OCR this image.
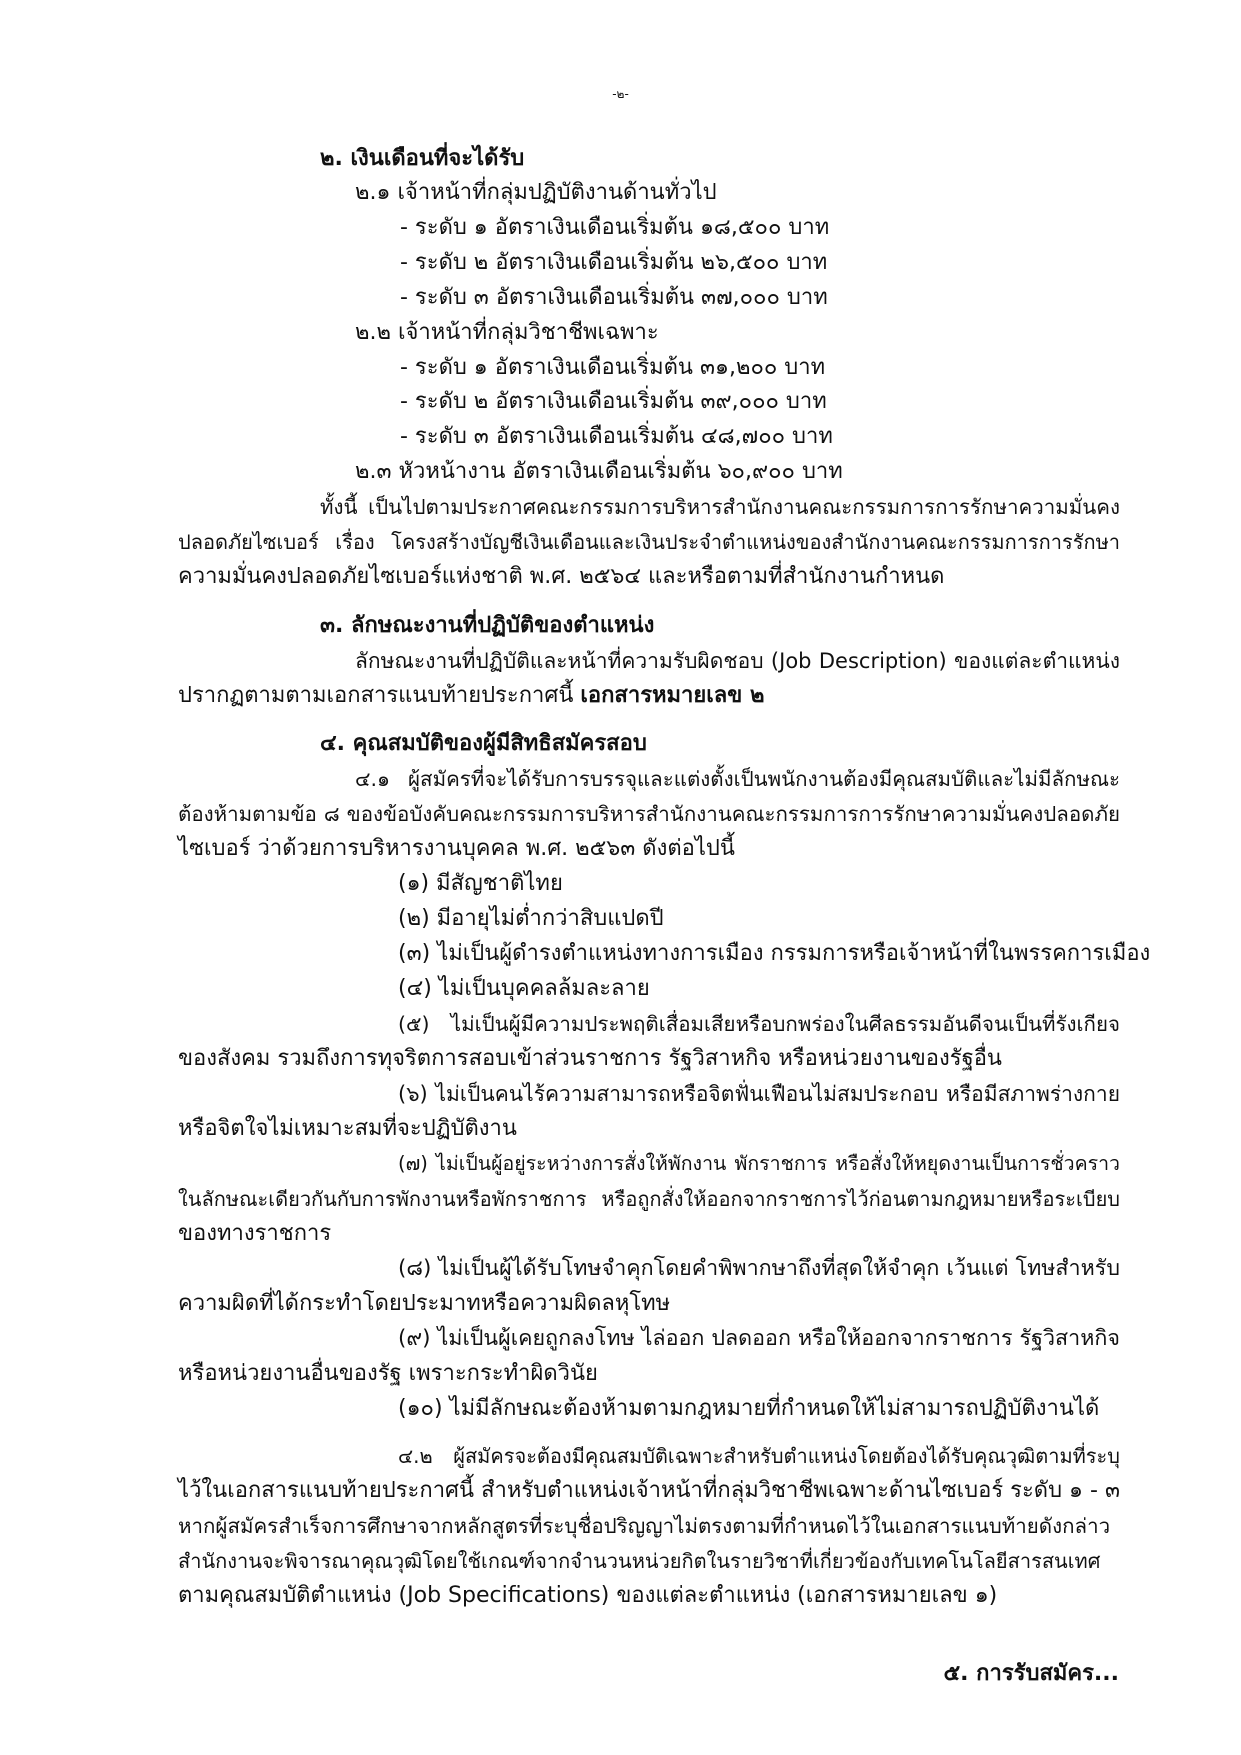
-๒-
๒. เงินเดือนที่จะได้รับ
๒.๑ เจ้าหน้าที่กลุ่มปฏิบัติงานด้านทั่วไป
- ระดับ ๑ อัตราเงินเดือนเริ่มต้น ๑๘,๕๐๐ บาท
- ระดับ ๒ อัตราเงินเดือนเริ่มต้น ๒๖,๕๐๐ บาท
- ระดับ ๓ อัตราเงินเดือนเริ่มต้น ๓๗,๐๐๐ บาท
๒.๒ เจ้าหน้าที่กลุ่มวิชาชีพเฉพาะ
- ระดับ ๑ อัตราเงินเดือนเริ่มต้น ๓๑,๒๐๐ บาท
- ระดับ ๒ อัตราเงินเดือนเริ่มต้น ๓๙,๐๐๐ บาท
- ระดับ ๓ อัตราเงินเดือนเริ่มต้น ๔๘,๗๐๐ บาท
๒.๓ หัวหน้างาน อัตราเงินเดือนเริ่มต้น ๖๐,๙๐๐ บาท
ทั้งนี้ เป็นไปตามประกาศคณะกรรมการบริหารสำนักงานคณะกรรมการการรักษาความมั่นคง
ปลอดภัยไซเบอร์ เรื่อง โครงสร้างบัญชีเงินเดือนและเงินประจำตำแหน่งของสำนักงานคณะกรรมการการรักษา
ความมั่นคงปลอดภัยไซเบอร์แห่งชาติ พ.ศ. ๒๕๖๔ และหรือตามที่สำนักงานกำหนด
๓. ลักษณะงานที่ปฏิบัติของตำแหน่ง
ลักษณะงานที่ปฏิบัติและหน้าที่ความรับผิดชอบ (Job Description) ของแต่ละตำแหน่ง
ปรากฏตามตามเอกสารแนบท้ายประกาศนี้ เอกสารหมายเลข ๒
๔. คุณสมบัติของผู้มีสิทธิสมัครสอบ
๔.๑ ผู้สมัครที่จะได้รับการบรรจุและแต่งตั้งเป็นพนักงานต้องมีคุณสมบัติและไม่มีลักษณะ
ต้องห้ามตามข้อ ๘ ของข้อบังคับคณะกรรมการบริหารสำนักงานคณะกรรมการการรักษาความมั่นคงปลอดภัย
ไซเบอร์ ว่าด้วยการบริหารงานบุคคล พ.ศ. ๒๕๖๓ ดังต่อไปนี้
(๑) มีสัญชาติไทย
(๒) มีอายุไม่ต่ำกว่าสิบแปดปี
(๓) ไม่เป็นผู้ดำรงตำแหน่งทางการเมือง กรรมการหรือเจ้าหน้าที่ในพรรคการเมือง
(๔) ไม่เป็นบุคคลล้มละลาย
(๕) ไม่เป็นผู้มีความประพฤติเสื่อมเสียหรือบกพร่องในศีลธรรมอันดีจนเป็นที่รังเกียจ
ของสังคม รวมถึงการทุจริตการสอบเข้าส่วนราชการ รัฐวิสาหกิจ หรือหน่วยงานของรัฐอื่น
(๖) ไม่เป็นคนไร้ความสามารถหรือจิตฟั่นเฟือนไม่สมประกอบ หรือมีสภาพร่างกาย
หรือจิตใจไม่เหมาะสมที่จะปฏิบัติงาน
(๗) ไม่เป็นผู้อยู่ระหว่างการสั่งให้พักงาน พักราชการ หรือสั่งให้หยุดงานเป็นการชั่วคราว
ในลักษณะเดียวกันกับการพักงานหรือพักราชการ หรือถูกสั่งให้ออกจากราชการไว้ก่อนตามกฎหมายหรือระเบียบ
ของทางราชการ
(๘) ไม่เป็นผู้ได้รับโทษจำคุกโดยคำพิพากษาถึงที่สุดให้จำคุก เว้นแต่ โทษสำหรับ
ความผิดที่ได้กระทำโดยประมาทหรือความผิดลหุโทษ
(๙) ไม่เป็นผู้เคยถูกลงโทษ ไล่ออก ปลดออก หรือให้ออกจากราชการ รัฐวิสาหกิจ
หรือหน่วยงานอื่นของรัฐ เพราะกระทำผิดวินัย
(๑๐) ไม่มีลักษณะต้องห้ามตามกฎหมายที่กำหนดให้ไม่สามารถปฏิบัติงานได้
๔.๒ ผู้สมัครจะต้องมีคุณสมบัติเฉพาะสำหรับตำแหน่งโดยต้องได้รับคุณวุฒิตามที่ระบุ
ไว้ในเอกสารแนบท้ายประกาศนี้ สำหรับตำแหน่งเจ้าหน้าที่กลุ่มวิชาชีพเฉพาะด้านไซเบอร์ ระดับ ๑ - ๓
หากผู้สมัครสำเร็จการศึกษาจากหลักสูตรที่ระบุชื่อปริญญาไม่ตรงตามที่กำหนดไว้ในเอกสารแนบท้ายดังกล่าว
สำนักงานจะพิจารณาคุณวุฒิโดยใช้เกณฑ์จากจำนวนหน่วยกิตในรายวิชาที่เกี่ยวข้องกับเทคโนโลยีสารสนเทศ
ตามคุณสมบัติตำแหน่ง (Job Specifications) ของแต่ละตำแหน่ง (เอกสารหมายเลข ๑)
๕. การรับสมัคร...
